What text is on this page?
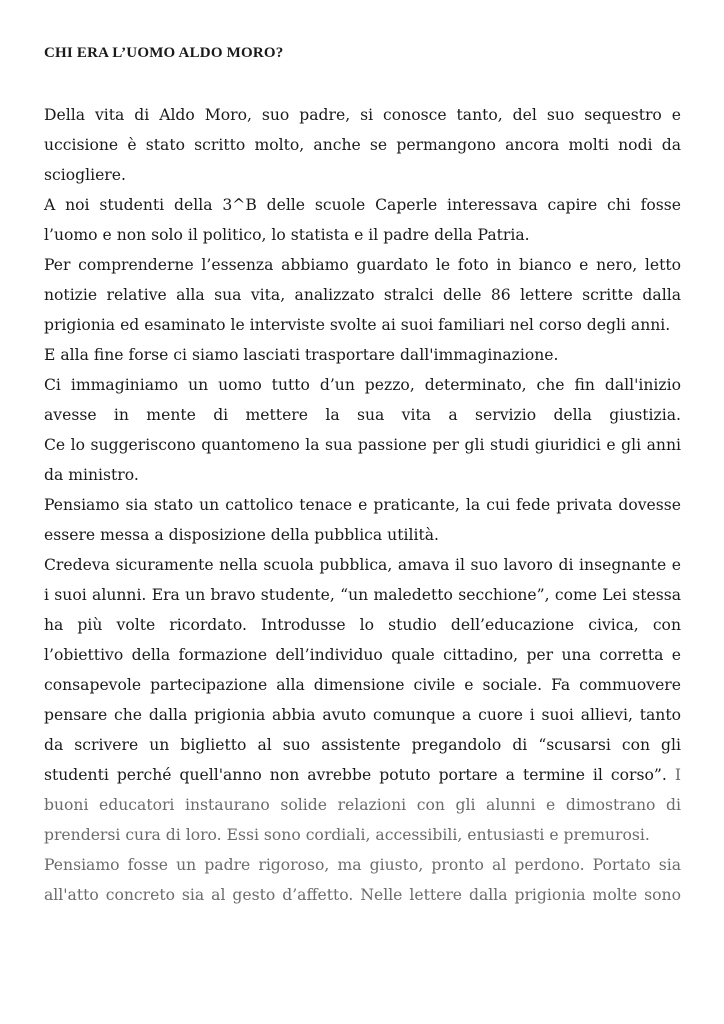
CHI ERA L’UOMO ALDO MORO?

Della vita di Aldo Moro, suo padre, si conosce tanto, del suo sequestro e uccisione è stato scritto molto, anche se permangono ancora molti nodi da sciogliere.

A noi studenti della 3^B delle scuole Caperle interessava capire chi fosse l’uomo e non solo il politico, lo statista e il padre della Patria.

Per comprenderne l’essenza abbiamo guardato le foto in bianco e nero, letto notizie relative alla sua vita, analizzato stralci delle 86 lettere scritte dalla prigionia ed esaminato le interviste svolte ai suoi familiari nel corso degli anni.

E alla fine forse ci siamo lasciati trasportare dall'immaginazione.

Ci immaginiamo un uomo tutto d’un pezzo, determinato, che fin dall'inizio avesse in mente di mettere la sua vita a servizio della giustizia.

Ce lo suggeriscono quantomeno la sua passione per gli studi giuridici e gli anni da ministro.

Pensiamo sia stato un cattolico tenace e praticante, la cui fede privata dovesse essere messa a disposizione della pubblica utilità.

Credeva sicuramente nella scuola pubblica, amava il suo lavoro di insegnante e i suoi alunni. Era un bravo studente, “un maledetto secchione”, come Lei stessa ha più volte ricordato. Introdusse lo studio dell’educazione civica, con l’obiettivo della formazione dell’individuo quale cittadino, per una corretta e consapevole partecipazione alla dimensione civile e sociale. Fa commuovere pensare che dalla prigionia abbia avuto comunque a cuore i suoi allievi, tanto da scrivere un biglietto al suo assistente pregandolo di “scusarsi con gli studenti perché quell'anno non avrebbe potuto portare a termine il corso”. I buoni educatori instaurano solide relazioni con gli alunni e dimostrano di prendersi cura di loro. Essi sono cordiali, accessibili, entusiasti e premurosi.

Pensiamo fosse un padre rigoroso, ma giusto, pronto al perdono. Portato sia all'atto concreto sia al gesto d’affetto. Nelle lettere dalla prigionia molte sono
